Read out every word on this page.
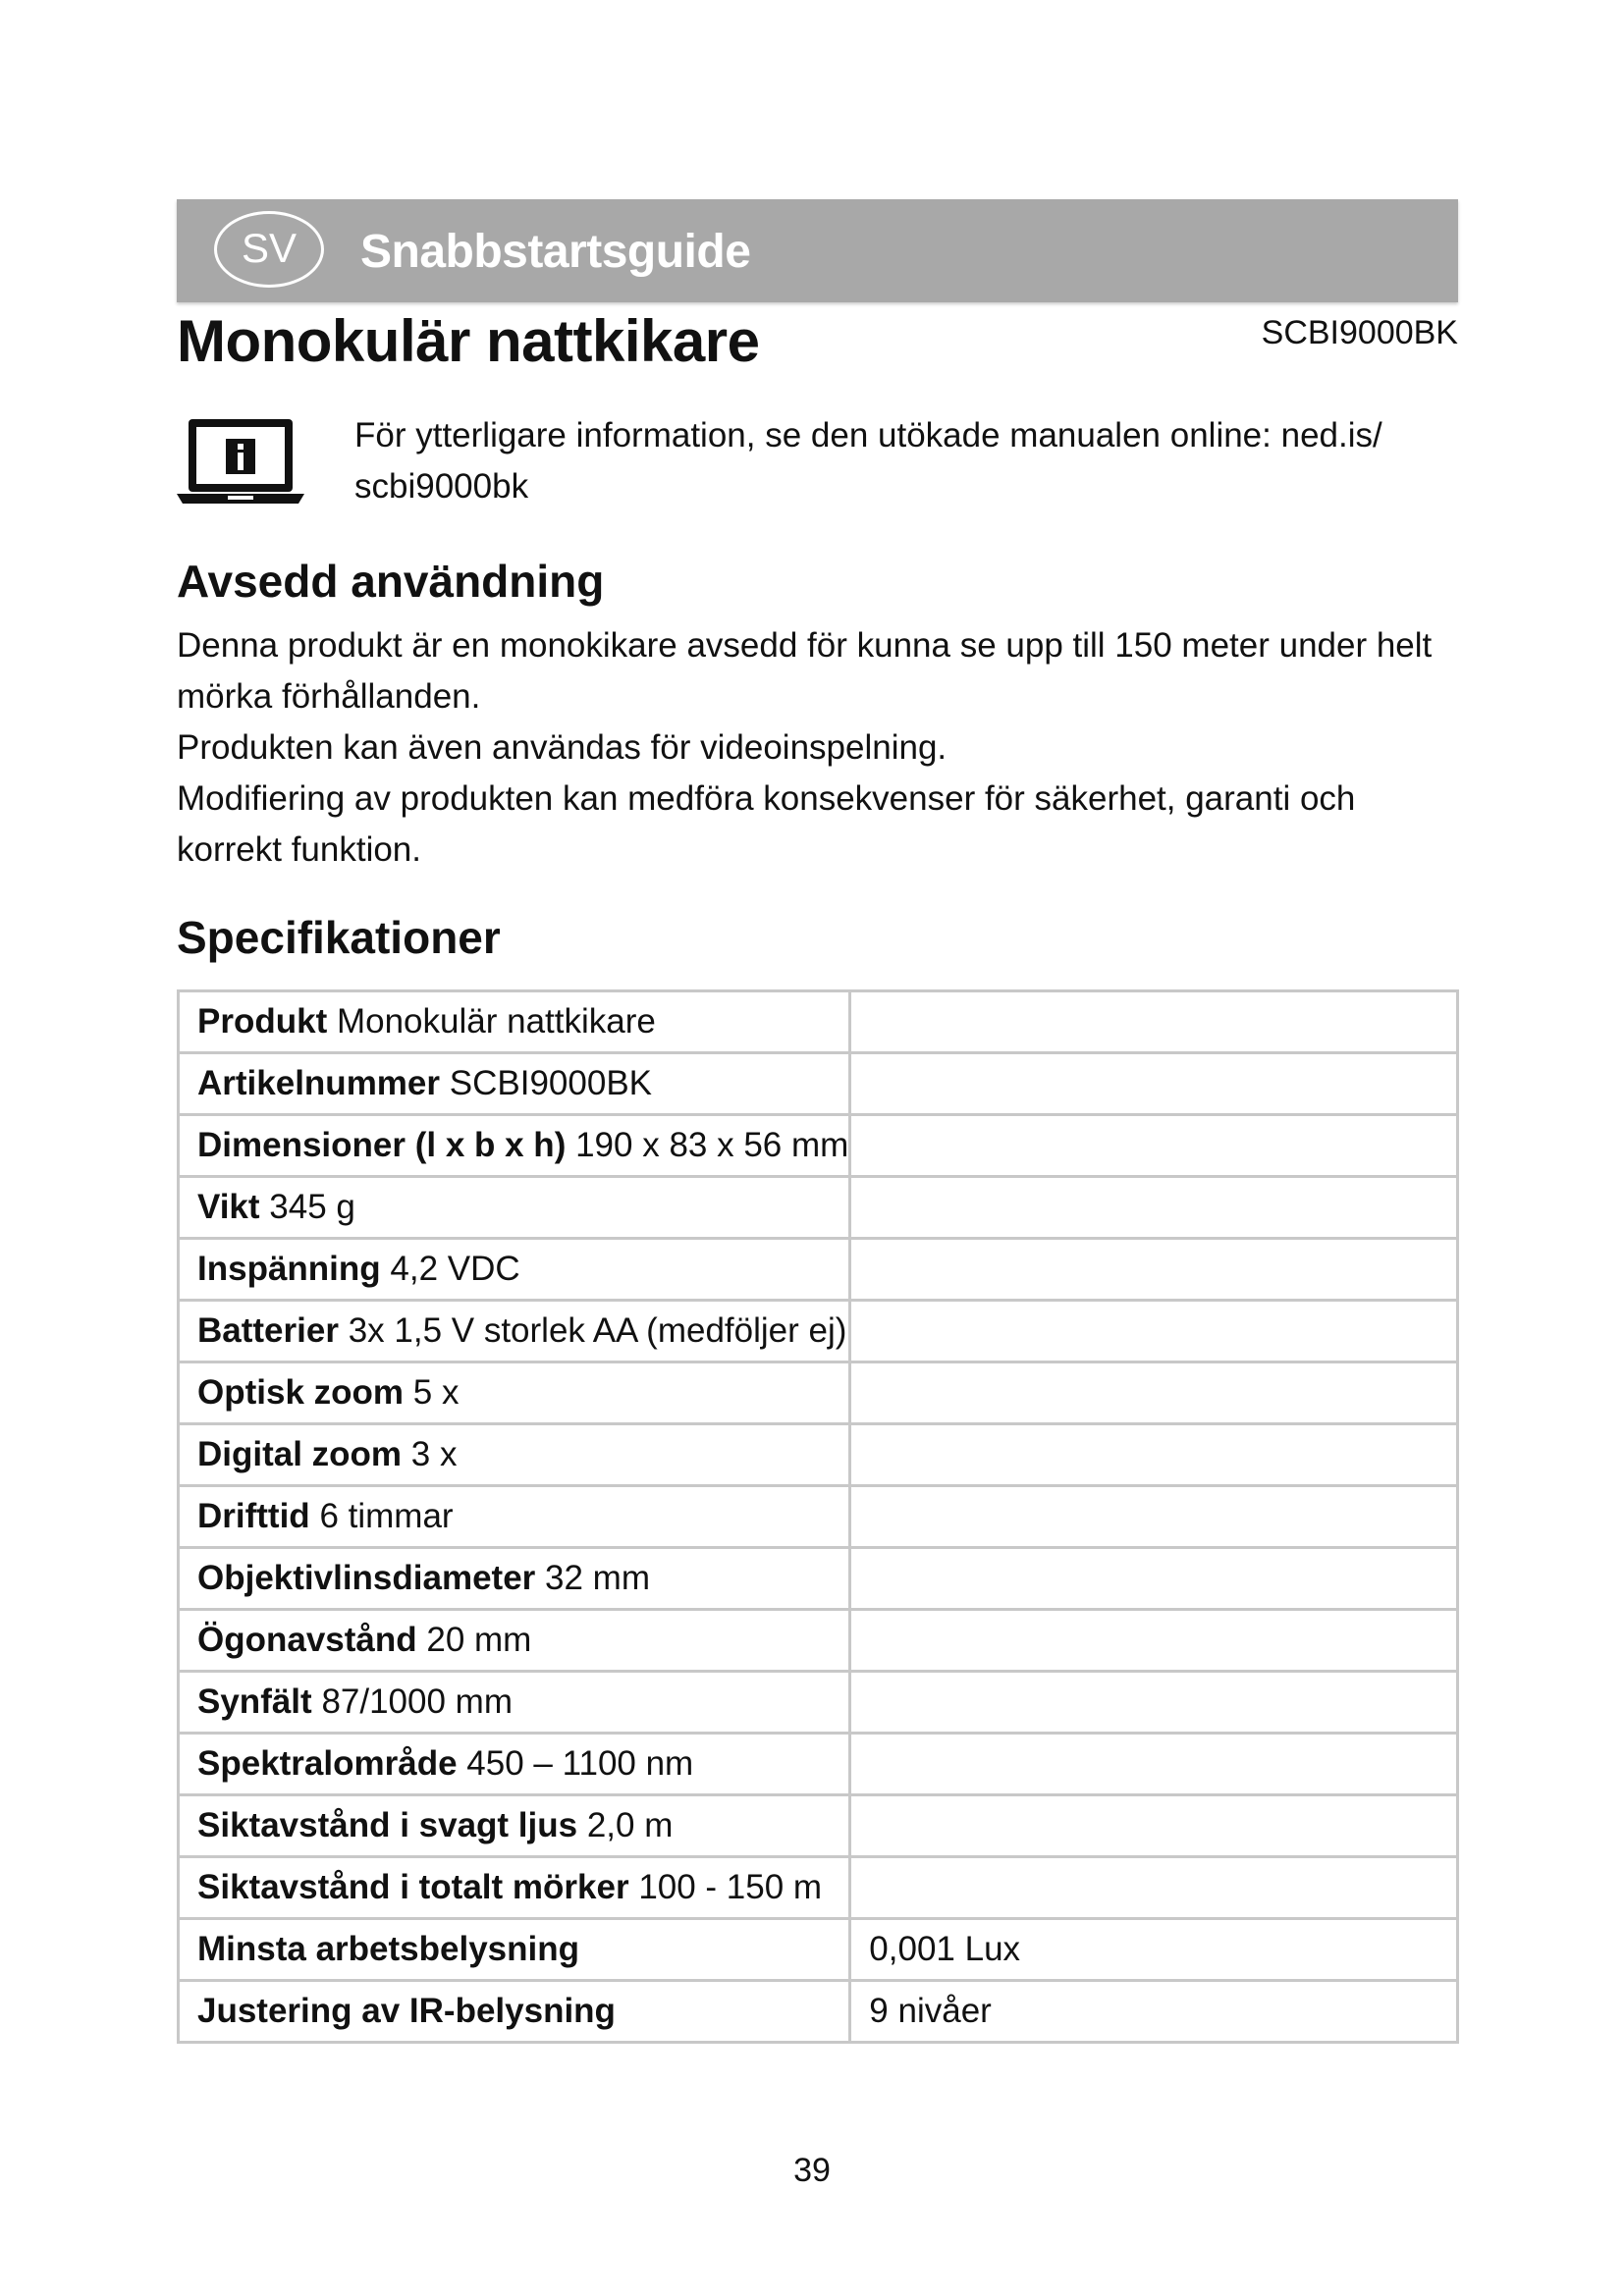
SV	Snabbstartsguide
Monokulär nattkikare	SCBI9000BK
För ytterligare information, se den utökade manualen online: ned.is/ scbi9000bk
Avsedd användning
Denna produkt är en monokikare avsedd för kunna se upp till 150 meter under helt mörka förhållanden.
Produkten kan även användas för videoinspelning.
Modifiering av produkten kan medföra konsekvenser för säkerhet, garanti och korrekt funktion.
Specifikationer
Produkt Monokulär nattkikare	
Artikelnummer SCBI9000BK	
Dimensioner (l x b x h) 190 x 83 x 56 mm	
Vikt 345 g	
Inspänning 4,2 VDC	
Batterier 3x 1,5 V storlek AA (medföljer ej)	
Optisk zoom 5 x	
Digital zoom 3 x	
Drifttid 6 timmar	
Objektivlinsdiameter 32 mm	
Ögonavstånd 20 mm	
Synfält 87/1000 mm	
Spektralområde 450 – 1100 nm	
Siktavstånd i svagt ljus 2,0 m	
Siktavstånd i totalt mörker 100 - 150 m	
Minsta arbetsbelysning	0,001 Lux
Justering av IR-belysning	9 nivåer
39
